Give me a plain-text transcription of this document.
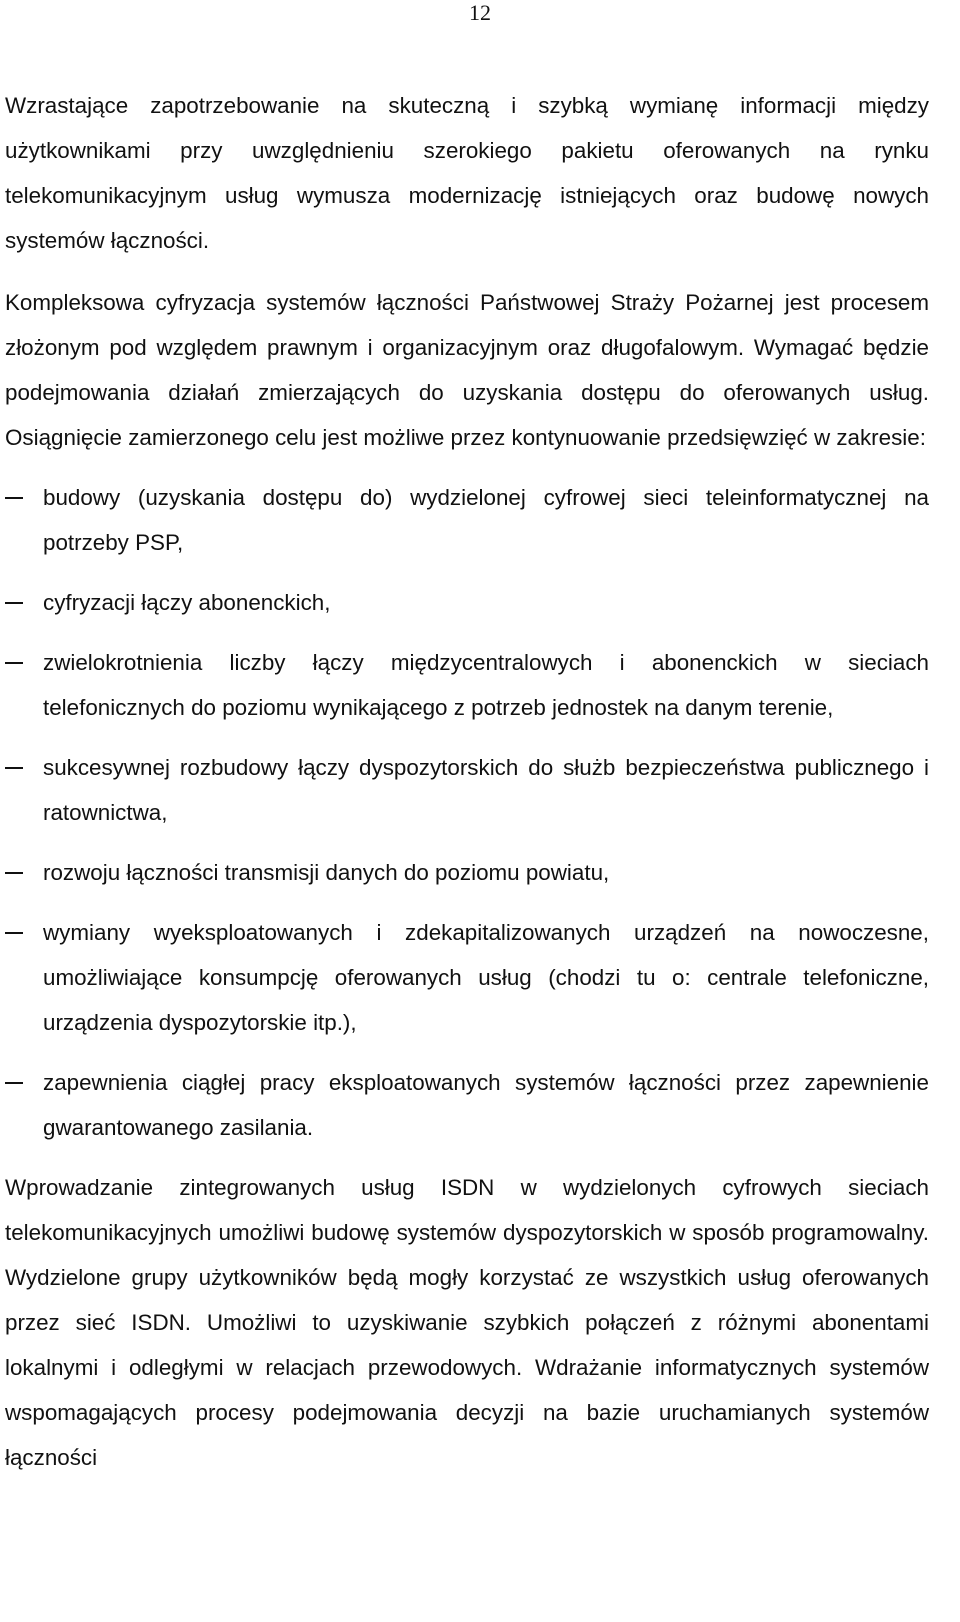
12

Wzrastające zapotrzebowanie na skuteczną i szybką wymianę informacji między użytkownikami przy uwzględnieniu szerokiego pakietu oferowanych na rynku telekomunikacyjnym usług wymusza modernizację istniejących oraz budowę nowych systemów łączności.

Kompleksowa cyfryzacja systemów łączności Państwowej Straży Pożarnej jest procesem złożonym pod względem prawnym i organizacyjnym oraz długofalowym. Wymagać będzie podejmowania działań zmierzających do uzyskania dostępu do oferowanych usług. Osiągnięcie zamierzonego celu jest możliwe przez kontynuowanie przedsięwzięć w zakresie:

budowy (uzyskania dostępu do) wydzielonej cyfrowej sieci teleinformatycznej na potrzeby PSP,
cyfryzacji łączy abonenckich,
zwielokrotnienia liczby łączy międzycentralowych i abonenckich w sieciach telefonicznych do poziomu wynikającego z potrzeb jednostek na danym terenie,
sukcesywnej rozbudowy łączy dyspozytorskich do służb bezpieczeństwa publicznego i ratownictwa,
rozwoju łączności transmisji danych do poziomu powiatu,
wymiany wyeksploatowanych i zdekapitalizowanych urządzeń na nowoczesne, umożliwiające konsumpcję oferowanych usług (chodzi tu o: centrale telefoniczne, urządzenia dyspozytorskie itp.),
zapewnienia ciągłej pracy eksploatowanych systemów łączności przez zapewnienie gwarantowanego zasilania.

Wprowadzanie zintegrowanych usług ISDN w wydzielonych cyfrowych sieciach telekomunikacyjnych umożliwi budowę systemów dyspozytorskich w sposób programowalny. Wydzielone grupy użytkowników będą mogły korzystać ze wszystkich usług oferowanych przez sieć ISDN. Umożliwi to uzyskiwanie szybkich połączeń z różnymi abonentami lokalnymi i odległymi w relacjach przewodowych. Wdrażanie informatycznych systemów wspomagających procesy podejmowania decyzji na bazie uruchamianych systemów łączności
